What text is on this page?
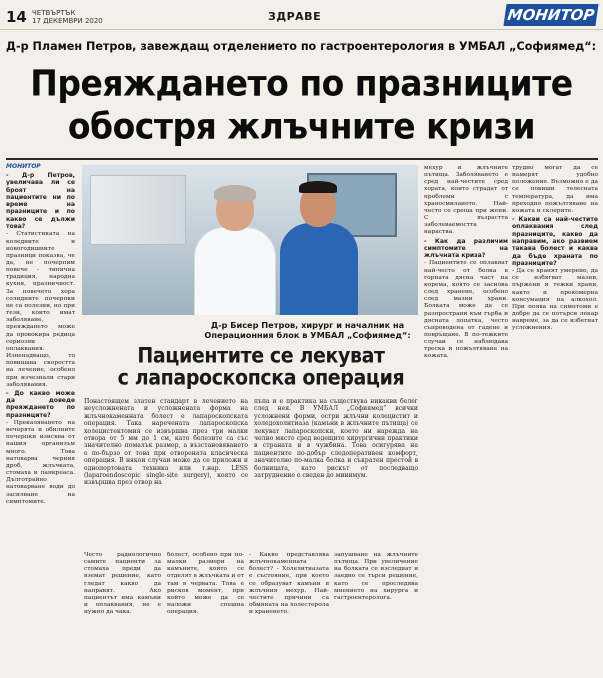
14 ЧЕТВЪРТЪК
17 ДЕКЕМВРИ 2020	ЗДРАВЕ	МОНИТОР
Д-р Пламен Петров, завеждащ отделението по гастроентерология в УМБАЛ „Софиямед“:
Преяждането по празниците
обостря жлъчните кризи
МОНИТОР

- Д-р Петров, увеличава ли се броят на пациентите ни по време на празниците и по какво се дължи това?

- Статистиката на коледните и новогодишните празници показва, че да, не почерпим повече - типична традиция, народна кухня, празничност. За повечето хора солидните почерпки не са полезни, но при тези, които имат заболяване, преяждането може да провокира редица сериозни оплаквания. Изненадващо, то повишава скоростта на лечение, особено при изчезнали стари заболявания.

- До какво може да доведе преяждането по празниците?

- Прекаляването на вечерята и обилните почерпки изисква от нашия организъм много. Това натоварва черния дроб, жлъчката, стомаха и панкреаса. Дълготрайно натоварване води до засилване на симптомите.

Д-р Бисер Петров, хирург и началник на Операционния блок в УМБАЛ „Софиямед“:
Пациентите се лекуват
с лапароскопска операция
Понастоящем златен стандарт в лечението на неусложнената и усложнената форма на жлъчнокаменната болест е лапароскопската операция. Така наречената лапароскопска холецистектомия се извършва през три малки отвора от 5 мм до 1 см, като белезите са със значително помалък размер, а възстановяването е по-бързо от това при отворената класическа операция. В някои случаи може да се приложи и еднопортовата техника или т.нар. LESS (laparoendoscopic single-site surgery), която се извършва през отвор на
пъпа и е практика на съществува никакви белег след нея. В УМБАЛ „Софиямед“ всички усложнени форми, остри жлъчни колецистит и холедохолитиаза (камъни в жлъчните пътища) се лекуват лапароскопски, което ни нарежда на челно място сред водещите хирургични практики в страната и в чужбина. Това осигурява на пациентите по-добър следоперативен комфорт, значително по-малка болка и съкратен престой в болницата, като рискът от последващо затруднение е сведен до минимум.
Често радиологично самите пациенти за стомаха преди да вземат решение, като гледат какво да направят. Ако пациентът има камъни и оплаквания, не е нужно да чака.
болест, особено при по-малки размери на камъните, които се отделят в жлъчката и от там в червата. Това е рисков момент, при който може да се наложи спешна операция.
- Какво представлява жлъчнокаменната болест? - Холелитиазата е състояние, при което се образуват камъни в жлъчния мехур. Най-честите причини са обмяната на холестерола и храненето.
запушване на жлъчните пътища. При увеличение на болката се изследват и заедно се търси решение, като се проследява мнението на хирурга и гастроентеролога.

мехур и жлъчните пътища. Заболяването е сред най-честите сред хората, които страдат от проблеми с храносмилането. Най-често се среща при жени. С възрастта заболеваемостта нараства.

- Как да различим симптомите на жлъчната криза?

- Пациентите се оплакват най-често от болка в горната дясна част на корема, която се засилва след хранене, особено след мазни храни. Болката може да се разпространи към гърба и дясната лопатка, често съпроводена от гадене и повръщане. В по-тежките случаи се наблюдава треска и пожълтяване на кожата.

трудно могат да се намерят удобно положение. Възможно е да се повиши телесната температура, да има преходно пожълтяване на кожата и склерите.

- Какви са най-честите оплаквания след празниците, какво да направим, ако развием такава болест и каква да бъде храната по празниците?

- Да се хранят умерено, да се избягват мазни, пържени и тежки храни, както и прекомерна консумация на алкохол. При поява на симптоми е добре да се потърси лекар навреме, за да се избегнат усложнения.
